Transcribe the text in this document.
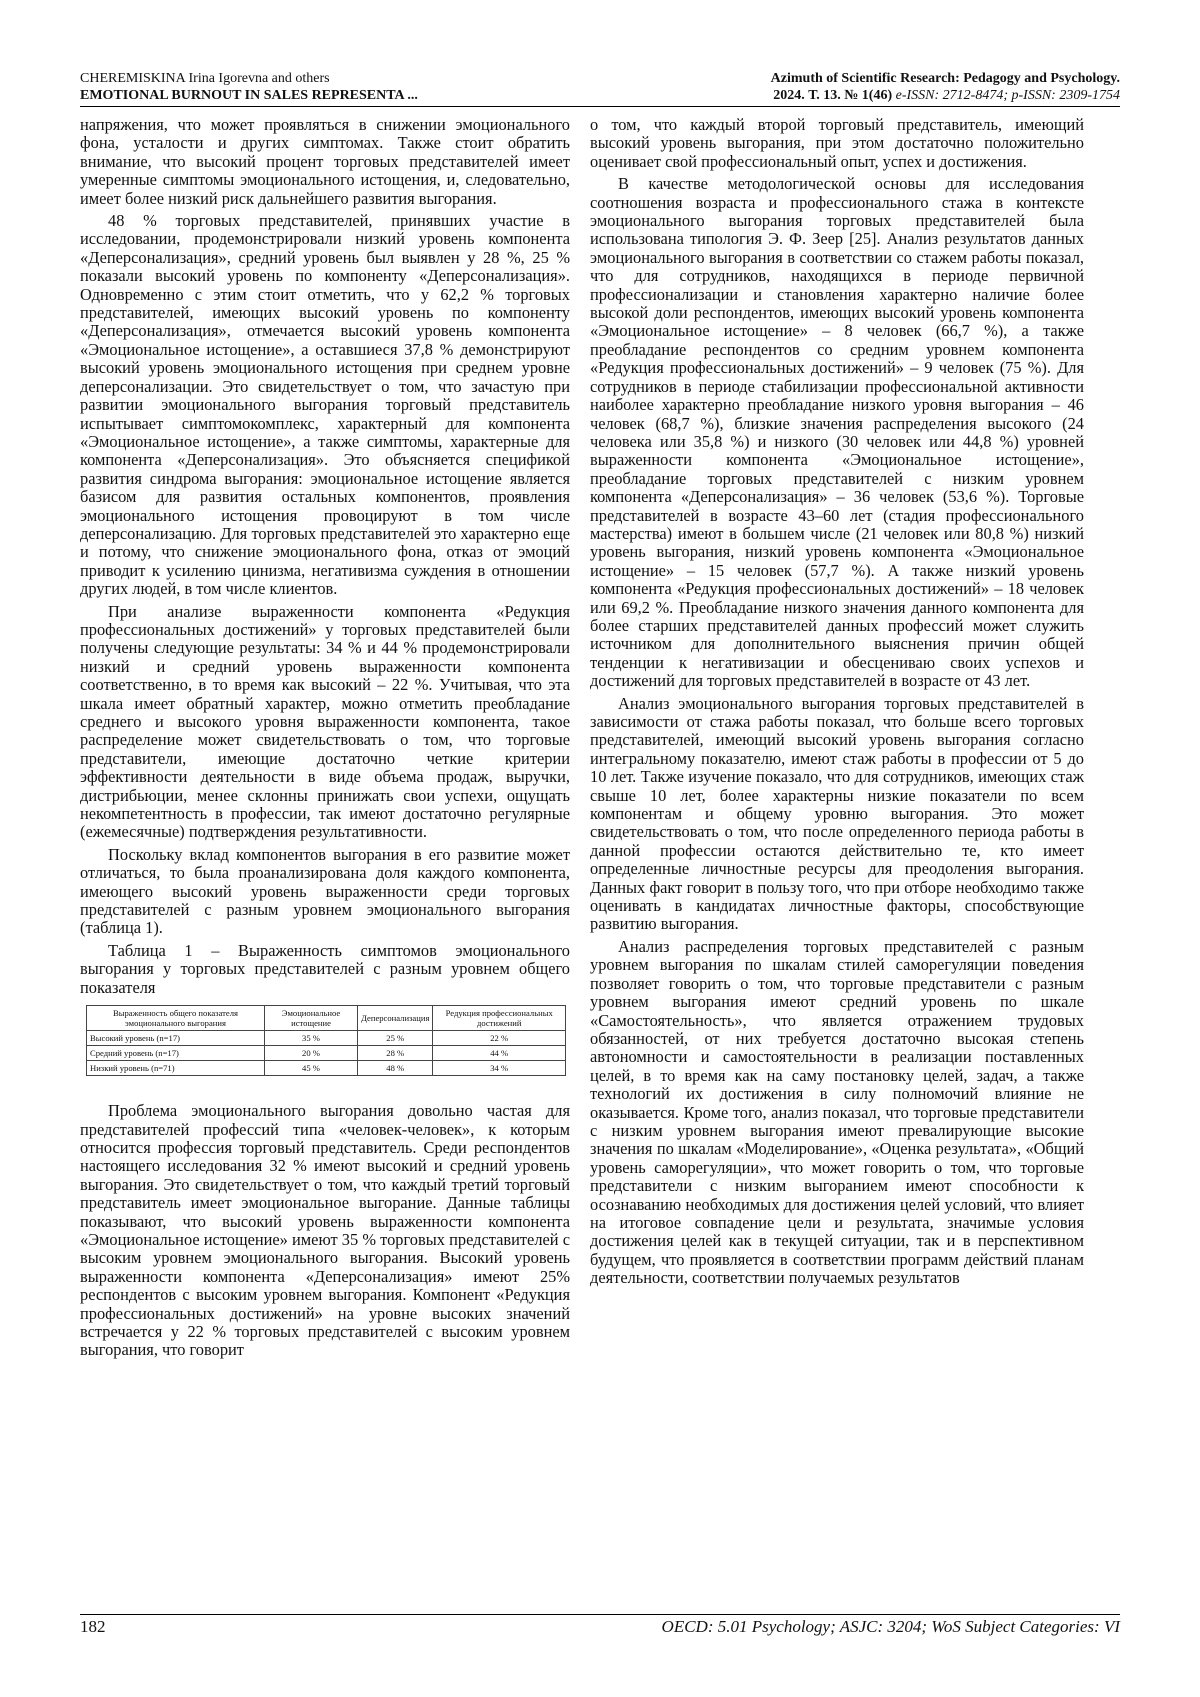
CHEREMISKINA Irina Igorevna and others
EMOTIONAL BURNOUT IN SALES REPRESENTA ...
Azimuth of Scientific Research: Pedagogy and Psychology.
2024. Т. 13. № 1(46) e-ISSN: 2712-8474; p-ISSN: 2309-1754

напряжения, что может проявляться в снижении эмоционального фона, усталости и других симптомах. Также стоит обратить внимание, что высокий процент торговых представителей имеет умеренные симптомы эмоционального истощения, и, следовательно, имеет более низкий риск дальнейшего развития выгорания.

48 % торговых представителей, принявших участие в исследовании, продемонстрировали низкий уровень компонента «Деперсонализация», средний уровень был выявлен у 28 %, 25 % показали высокий уровень по компоненту «Деперсонализация». Одновременно с этим стоит отметить, что у 62,2 % торговых представителей, имеющих высокий уровень по компоненту «Деперсонализация», отмечается высокий уровень компонента «Эмоциональное истощение», а оставшиеся 37,8 % демонстрируют высокий уровень эмоционального истощения при среднем уровне деперсонализации. Это свидетельствует о том, что зачастую при развитии эмоционального выгорания торговый представитель испытывает симптомокомплекс, характерный для компонента «Эмоциональное истощение», а также симптомы, характерные для компонента «Деперсонализация». Это объясняется спецификой развития синдрома выгорания: эмоциональное истощение является базисом для развития остальных компонентов, проявления эмоционального истощения провоцируют в том числе деперсонализацию. Для торговых представителей это характерно еще и потому, что снижение эмоционального фона, отказ от эмоций приводит к усилению цинизма, негативизма суждения в отношении других людей, в том числе клиентов.

При анализе выраженности компонента «Редукция профессиональных достижений» у торговых представителей были получены следующие результаты: 34 % и 44 % продемонстрировали низкий и средний уровень выраженности компонента соответственно, в то время как высокий – 22 %. Учитывая, что эта шкала имеет обратный характер, можно отметить преобладание среднего и высокого уровня выраженности компонента, такое распределение может свидетельствовать о том, что торговые представители, имеющие достаточно четкие критерии эффективности деятельности в виде объема продаж, выручки, дистрибьюции, менее склонны принижать свои успехи, ощущать некомпетентность в профессии, так имеют достаточно регулярные (ежемесячные) подтверждения результативности.

Поскольку вклад компонентов выгорания в его развитие может отличаться, то была проанализирована доля каждого компонента, имеющего высокий уровень выраженности среди торговых представителей с разным уровнем эмоционального выгорания (таблица 1).

Таблица 1 – Выраженность симптомов эмоционального выгорания у торговых представителей с разным уровнем общего показателя

Выраженность общего показателя эмоционального выгорания	Эмоциональное истощение	Деперсонализация	Редукция профессиональных достижений
Высокий уровень (n=17)	35 %	25 %	22 %
Средний уровень (n=17)	20 %	28 %	44 %
Низкий уровень (n=71)	45 %	48 %	34 %

Проблема эмоционального выгорания довольно частая для представителей профессий типа «человек-человек», к которым относится профессия торговый представитель. Среди респондентов настоящего исследования 32 % имеют высокий и средний уровень выгорания. Это свидетельствует о том, что каждый третий торговый представитель имеет эмоциональное выгорание. Данные таблицы показывают, что высокий уровень выраженности компонента «Эмоциональное истощение» имеют 35 % торговых представителей с высоким уровнем эмоционального выгорания. Высокий уровень выраженности компонента «Деперсонализация» имеют 25% респондентов с высоким уровнем выгорания. Компонент «Редукция профессиональных достижений» на уровне высоких значений встречается у 22 % торговых представителей с высоким уровнем выгорания, что говорит

о том, что каждый второй торговый представитель, имеющий высокий уровень выгорания, при этом достаточно положительно оценивает свой профессиональный опыт, успех и достижения.

В качестве методологической основы для исследования соотношения возраста и профессионального стажа в контексте эмоционального выгорания торговых представителей была использована типология Э. Ф. Зеер [25]. Анализ результатов данных эмоционального выгорания в соответствии со стажем работы показал, что для сотрудников, находящихся в периоде первичной профессионализации и становления характерно наличие более высокой доли респондентов, имеющих высокий уровень компонента «Эмоциональное истощение» – 8 человек (66,7 %), а также преобладание респондентов со средним уровнем компонента «Редукция профессиональных достижений» – 9 человек (75 %). Для сотрудников в периоде стабилизации профессиональной активности наиболее характерно преобладание низкого уровня выгорания – 46 человек (68,7 %), близкие значения распределения высокого (24 человека или 35,8 %) и низкого (30 человек или 44,8 %) уровней выраженности компонента «Эмоциональное истощение», преобладание торговых представителей с низким уровнем компонента «Деперсонализация» – 36 человек (53,6 %). Торговые представителей в возрасте 43–60 лет (стадия профессионального мастерства) имеют в большем числе (21 человек или 80,8 %) низкий уровень выгорания, низкий уровень компонента «Эмоциональное истощение» – 15 человек (57,7 %). А также низкий уровень компонента «Редукция профессиональных достижений» – 18 человек или 69,2 %. Преобладание низкого значения данного компонента для более старших представителей данных профессий может служить источником для дополнительного выяснения причин общей тенденции к негативизации и обесцениваю своих успехов и достижений для торговых представителей в возрасте от 43 лет.

Анализ эмоционального выгорания торговых представителей в зависимости от стажа работы показал, что больше всего торговых представителей, имеющий высокий уровень выгорания согласно интегральному показателю, имеют стаж работы в профессии от 5 до 10 лет. Также изучение показало, что для сотрудников, имеющих стаж свыше 10 лет, более характерны низкие показатели по всем компонентам и общему уровню выгорания. Это может свидетельствовать о том, что после определенного периода работы в данной профессии остаются действительно те, кто имеет определенные личностные ресурсы для преодоления выгорания. Данных факт говорит в пользу того, что при отборе необходимо также оценивать в кандидатах личностные факторы, способствующие развитию выгорания.

Анализ распределения торговых представителей с разным уровнем выгорания по шкалам стилей саморегуляции поведения позволяет говорить о том, что торговые представители с разным уровнем выгорания имеют средний уровень по шкале «Самостоятельность», что является отражением трудовых обязанностей, от них требуется достаточно высокая степень автономности и самостоятельности в реализации поставленных целей, в то время как на саму постановку целей, задач, а также технологий их достижения в силу полномочий влияние не оказывается. Кроме того, анализ показал, что торговые представители с низким уровнем выгорания имеют превалирующие высокие значения по шкалам «Моделирование», «Оценка результата», «Общий уровень саморегуляции», что может говорить о том, что торговые представители с низким выгоранием имеют способности к осознаванию необходимых для достижения целей условий, что влияет на итоговое совпадение цели и результата, значимые условия достижения целей как в текущей ситуации, так и в перспективном будущем, что проявляется в соответствии программ действий планам деятельности, соответствии получаемых результатов

182	OECD: 5.01 Psychology; ASJC: 3204; WoS Subject Categories: VI
